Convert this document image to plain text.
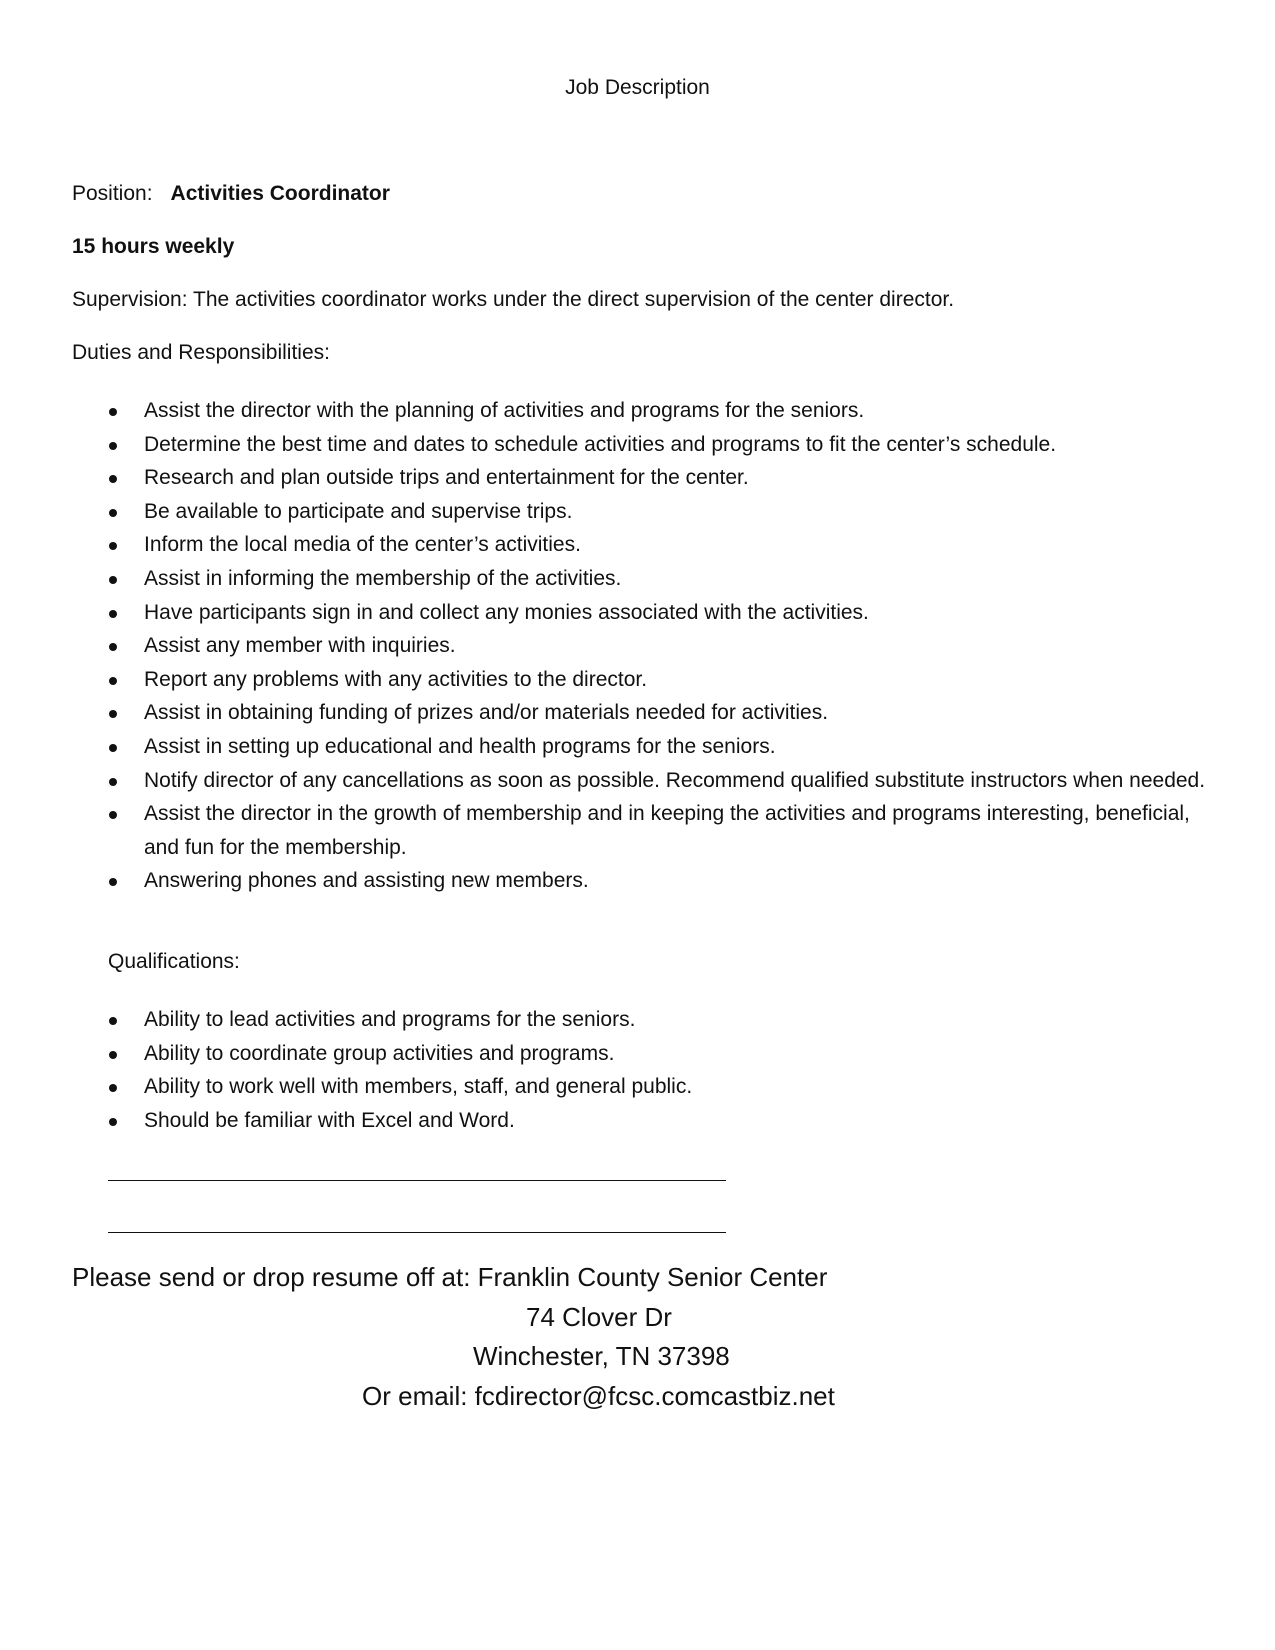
Job Description
Position: Activities Coordinator
15 hours weekly
Supervision: The activities coordinator works under the direct supervision of the center director.
Duties and Responsibilities:
Assist the director with the planning of activities and programs for the seniors.
Determine the best time and dates to schedule activities and programs to fit the center’s schedule.
Research and plan outside trips and entertainment for the center.
Be available to participate and supervise trips.
Inform the local media of the center’s activities.
Assist in informing the membership of the activities.
Have participants sign in and collect any monies associated with the activities.
Assist any member with inquiries.
Report any problems with any activities to the director.
Assist in obtaining funding of prizes and/or materials needed for activities.
Assist in setting up educational and health programs for the seniors.
Notify director of any cancellations as soon as possible. Recommend qualified substitute instructors when needed.
Assist the director in the growth of membership and in keeping the activities and programs interesting, beneficial, and fun for the membership.
Answering phones and assisting new members.
Qualifications:
Ability to lead activities and programs for the seniors.
Ability to coordinate group activities and programs.
Ability to work well with members, staff, and general public.
Should be familiar with Excel and Word.
Please send or drop resume off at: Franklin County Senior Center
74 Clover Dr
Winchester, TN 37398
Or email: fcdirector@fcsc.comcastbiz.net
